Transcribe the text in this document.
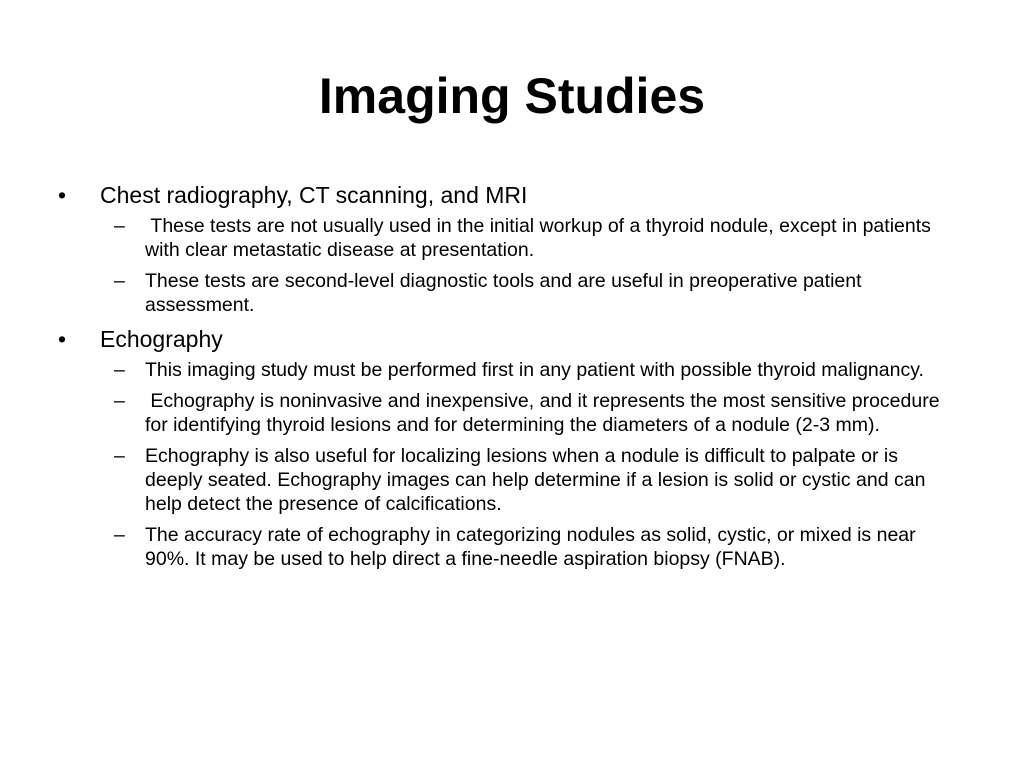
Imaging Studies
•	Chest radiography, CT scanning, and MRI
–	These tests are not usually used in the initial workup of a thyroid nodule, except in patients with clear metastatic disease at presentation.
–	These tests are second-level diagnostic tools and are useful in preoperative patient assessment.
•	Echography
–	This imaging study must be performed first in any patient with possible thyroid malignancy.
–	Echography is noninvasive and inexpensive, and it represents the most sensitive procedure for identifying thyroid lesions and for determining the diameters of a nodule (2-3 mm).
–	Echography is also useful for localizing lesions when a nodule is difficult to palpate or is deeply seated. Echography images can help determine if a lesion is solid or cystic and can help detect the presence of calcifications.
–	The accuracy rate of echography in categorizing nodules as solid, cystic, or mixed is near 90%. It may be used to help direct a fine-needle aspiration biopsy (FNAB).
